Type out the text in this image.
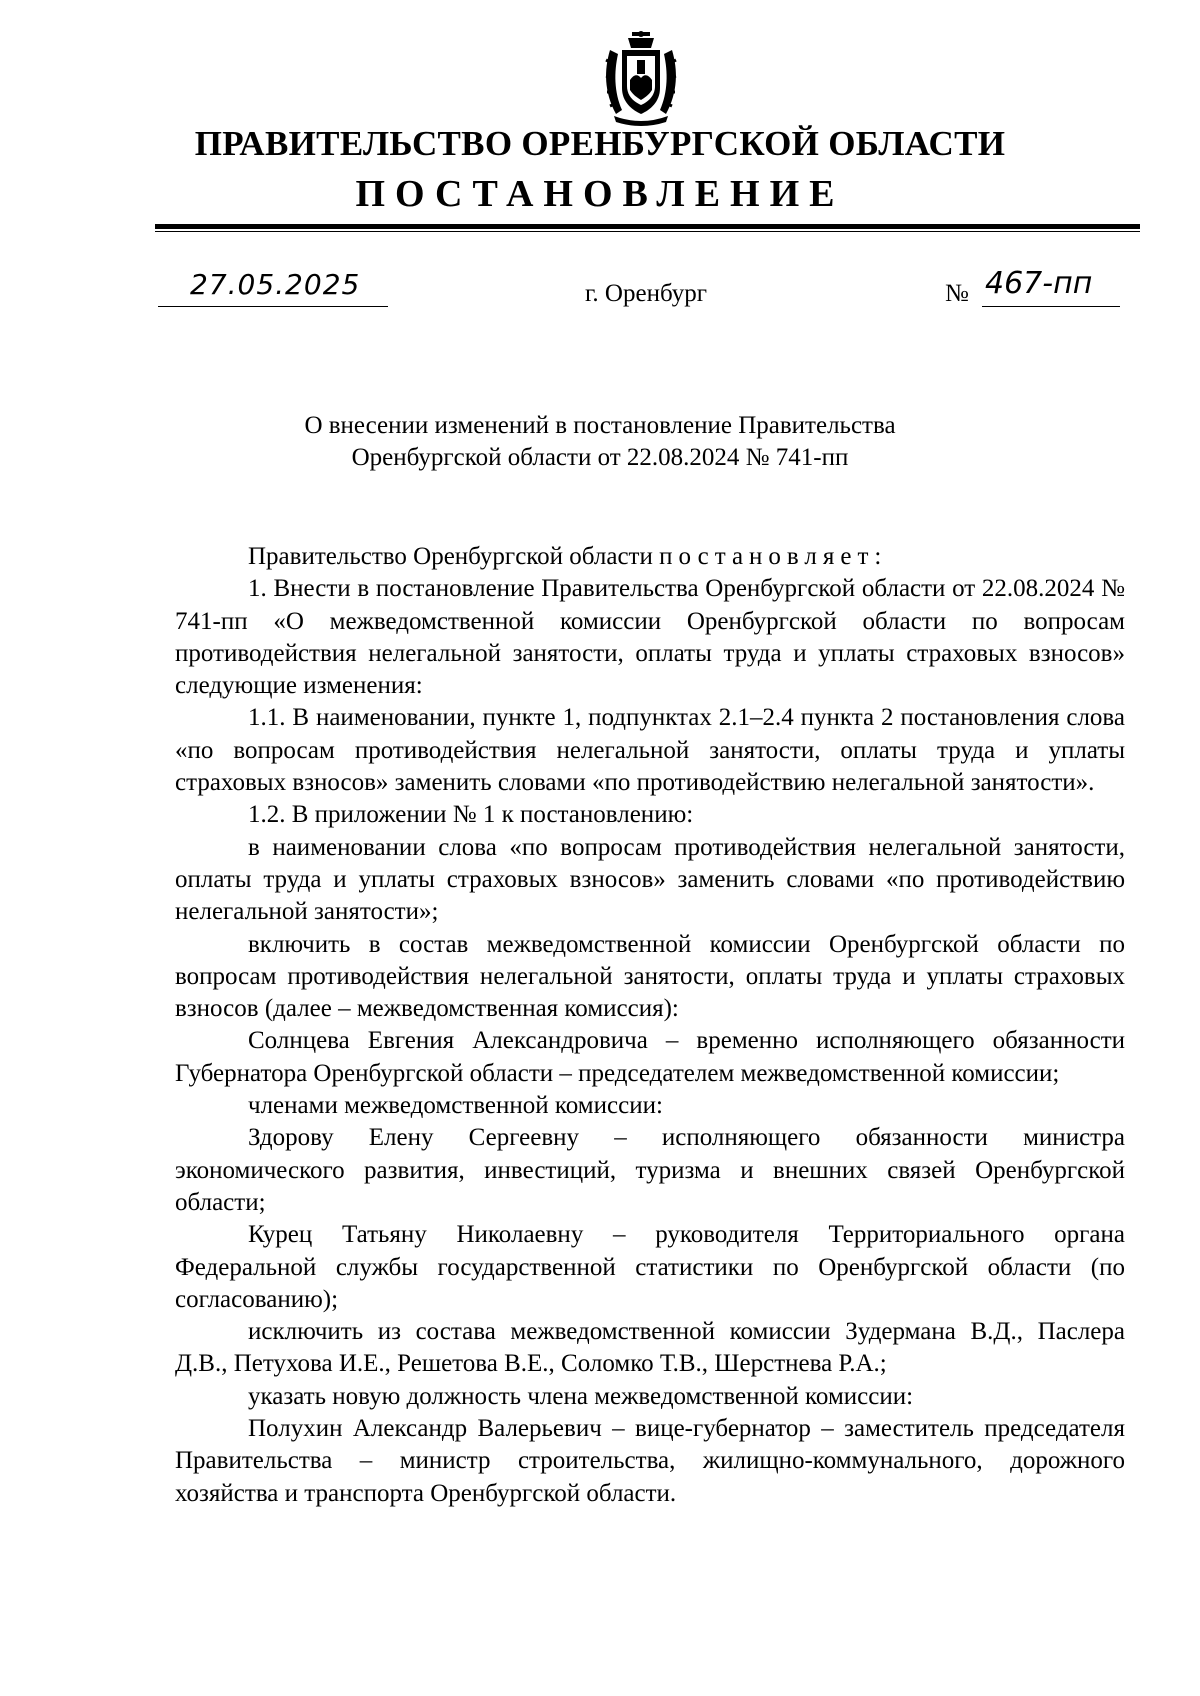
ПРАВИТЕЛЬСТВО ОРЕНБУРГСКОЙ ОБЛАСТИ
ПОСТАНОВЛЕНИЕ
27.05.2025	г. Оренбург	№ 467-пп
О внесении изменений в постановление Правительства
Оренбургской области от 22.08.2024 № 741-пп

Правительство Оренбургской области постановляет:

1. Внести в постановление Правительства Оренбургской области от 22.08.2024 № 741-пп «О межведомственной комиссии Оренбургской области по вопросам противодействия нелегальной занятости, оплаты труда и уплаты страховых взносов» следующие изменения:

1.1. В наименовании, пункте 1, подпунктах 2.1–2.4 пункта 2 постановления слова «по вопросам противодействия нелегальной занятости, оплаты труда и уплаты страховых взносов» заменить словами «по противодействию нелегальной занятости».

1.2. В приложении № 1 к постановлению:

в наименовании слова «по вопросам противодействия нелегальной занятости, оплаты труда и уплаты страховых взносов» заменить словами «по противодействию нелегальной занятости»;

включить в состав межведомственной комиссии Оренбургской области по вопросам противодействия нелегальной занятости, оплаты труда и уплаты страховых взносов (далее – межведомственная комиссия):

Солнцева Евгения Александровича – временно исполняющего обязанности Губернатора Оренбургской области – председателем межведомственной комиссии;

членами межведомственной комиссии:

Здорову Елену Сергеевну – исполняющего обязанности министра экономического развития, инвестиций, туризма и внешних связей Оренбургской области;

Курец Татьяну Николаевну – руководителя Территориального органа Федеральной службы государственной статистики по Оренбургской области (по согласованию);

исключить из состава межведомственной комиссии Зудермана В.Д., Паслера Д.В., Петухова И.Е., Решетова В.Е., Соломко Т.В., Шерстнева Р.А.;

указать новую должность члена межведомственной комиссии:

Полухин Александр Валерьевич – вице-губернатор – заместитель председателя Правительства – министр строительства, жилищно-коммунального, дорожного хозяйства и транспорта Оренбургской области.
